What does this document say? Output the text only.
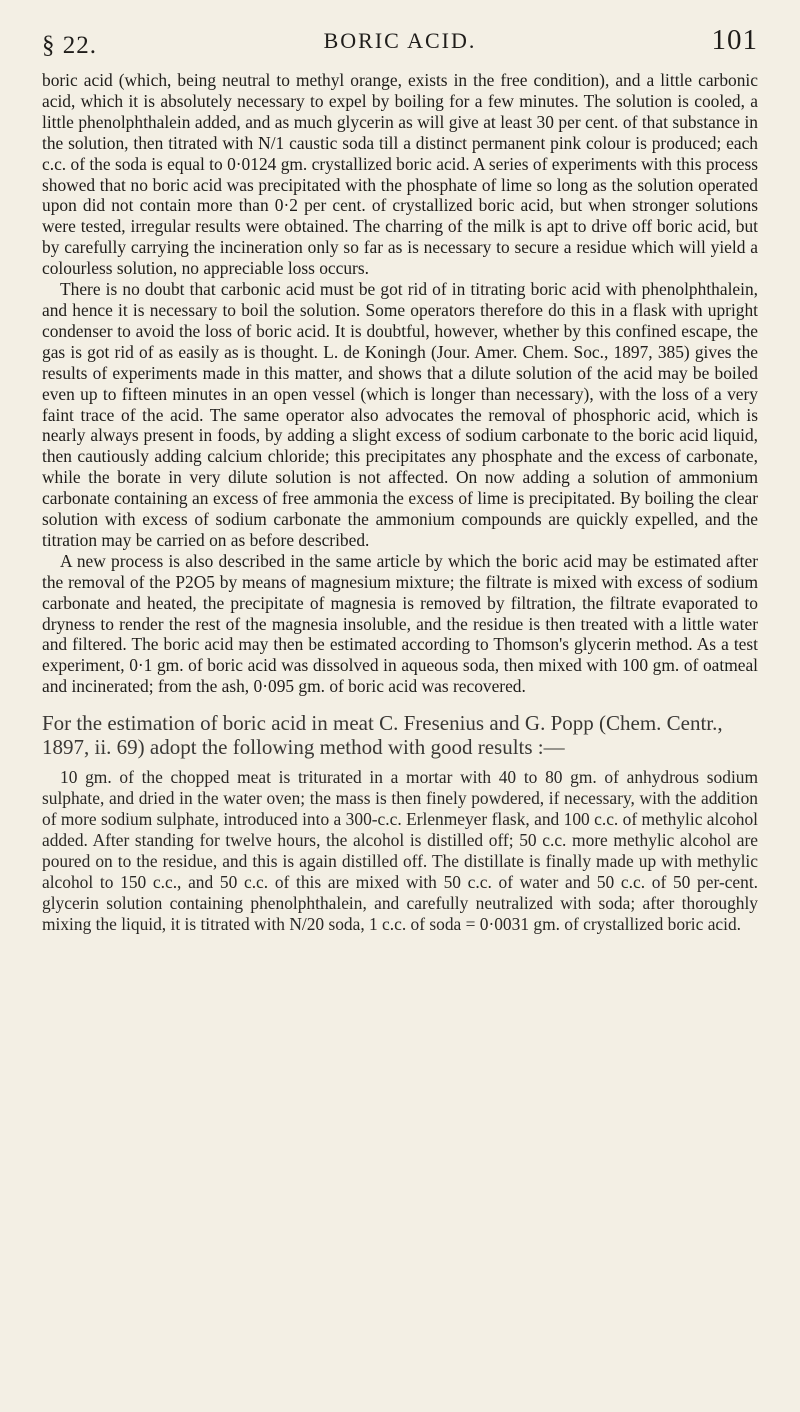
§ 22.	BORIC ACID.	101

boric acid (which, being neutral to methyl orange, exists in the free condition), and a little carbonic acid, which it is absolutely necessary to expel by boiling for a few minutes. The solution is cooled, a little phenolphthalein added, and as much glycerin as will give at least 30 per cent. of that substance in the solution, then titrated with N/1 caustic soda till a distinct permanent pink colour is produced; each c.c. of the soda is equal to 0·0124 gm. crystallized boric acid. A series of experiments with this process showed that no boric acid was precipitated with the phosphate of lime so long as the solution operated upon did not contain more than 0·2 per cent. of crystallized boric acid, but when stronger solutions were tested, irregular results were obtained. The charring of the milk is apt to drive off boric acid, but by carefully carrying the incineration only so far as is necessary to secure a residue which will yield a colourless solution, no appreciable loss occurs.

There is no doubt that carbonic acid must be got rid of in titrating boric acid with phenolphthalein, and hence it is necessary to boil the solution. Some operators therefore do this in a flask with upright condenser to avoid the loss of boric acid. It is doubtful, however, whether by this confined escape, the gas is got rid of as easily as is thought. L. de Koningh (Jour. Amer. Chem. Soc., 1897, 385) gives the results of experiments made in this matter, and shows that a dilute solution of the acid may be boiled even up to fifteen minutes in an open vessel (which is longer than necessary), with the loss of a very faint trace of the acid. The same operator also advocates the removal of phosphoric acid, which is nearly always present in foods, by adding a slight excess of sodium carbonate to the boric acid liquid, then cautiously adding calcium chloride; this precipitates any phosphate and the excess of carbonate, while the borate in very dilute solution is not affected. On now adding a solution of ammonium carbonate containing an excess of free ammonia the excess of lime is precipitated. By boiling the clear solution with excess of sodium carbonate the ammonium compounds are quickly expelled, and the titration may be carried on as before described.

A new process is also described in the same article by which the boric acid may be estimated after the removal of the P2O5 by means of magnesium mixture; the filtrate is mixed with excess of sodium carbonate and heated, the precipitate of magnesia is removed by filtration, the filtrate evaporated to dryness to render the rest of the magnesia insoluble, and the residue is then treated with a little water and filtered. The boric acid may then be estimated according to Thomson's glycerin method. As a test experiment, 0·1 gm. of boric acid was dissolved in aqueous soda, then mixed with 100 gm. of oatmeal and incinerated; from the ash, 0·095 gm. of boric acid was recovered.

For the estimation of boric acid in meat C. Fresenius and G. Popp (Chem. Centr., 1897, ii. 69) adopt the following method with good results :—

10 gm. of the chopped meat is triturated in a mortar with 40 to 80 gm. of anhydrous sodium sulphate, and dried in the water oven; the mass is then finely powdered, if necessary, with the addition of more sodium sulphate, introduced into a 300-c.c. Erlenmeyer flask, and 100 c.c. of methylic alcohol added. After standing for twelve hours, the alcohol is distilled off; 50 c.c. more methylic alcohol are poured on to the residue, and this is again distilled off. The distillate is finally made up with methylic alcohol to 150 c.c., and 50 c.c. of this are mixed with 50 c.c. of water and 50 c.c. of 50 per-cent. glycerin solution containing phenolphthalein, and carefully neutralized with soda; after thoroughly mixing the liquid, it is titrated with N/20 soda, 1 c.c. of soda = 0·0031 gm. of crystallized boric acid.
